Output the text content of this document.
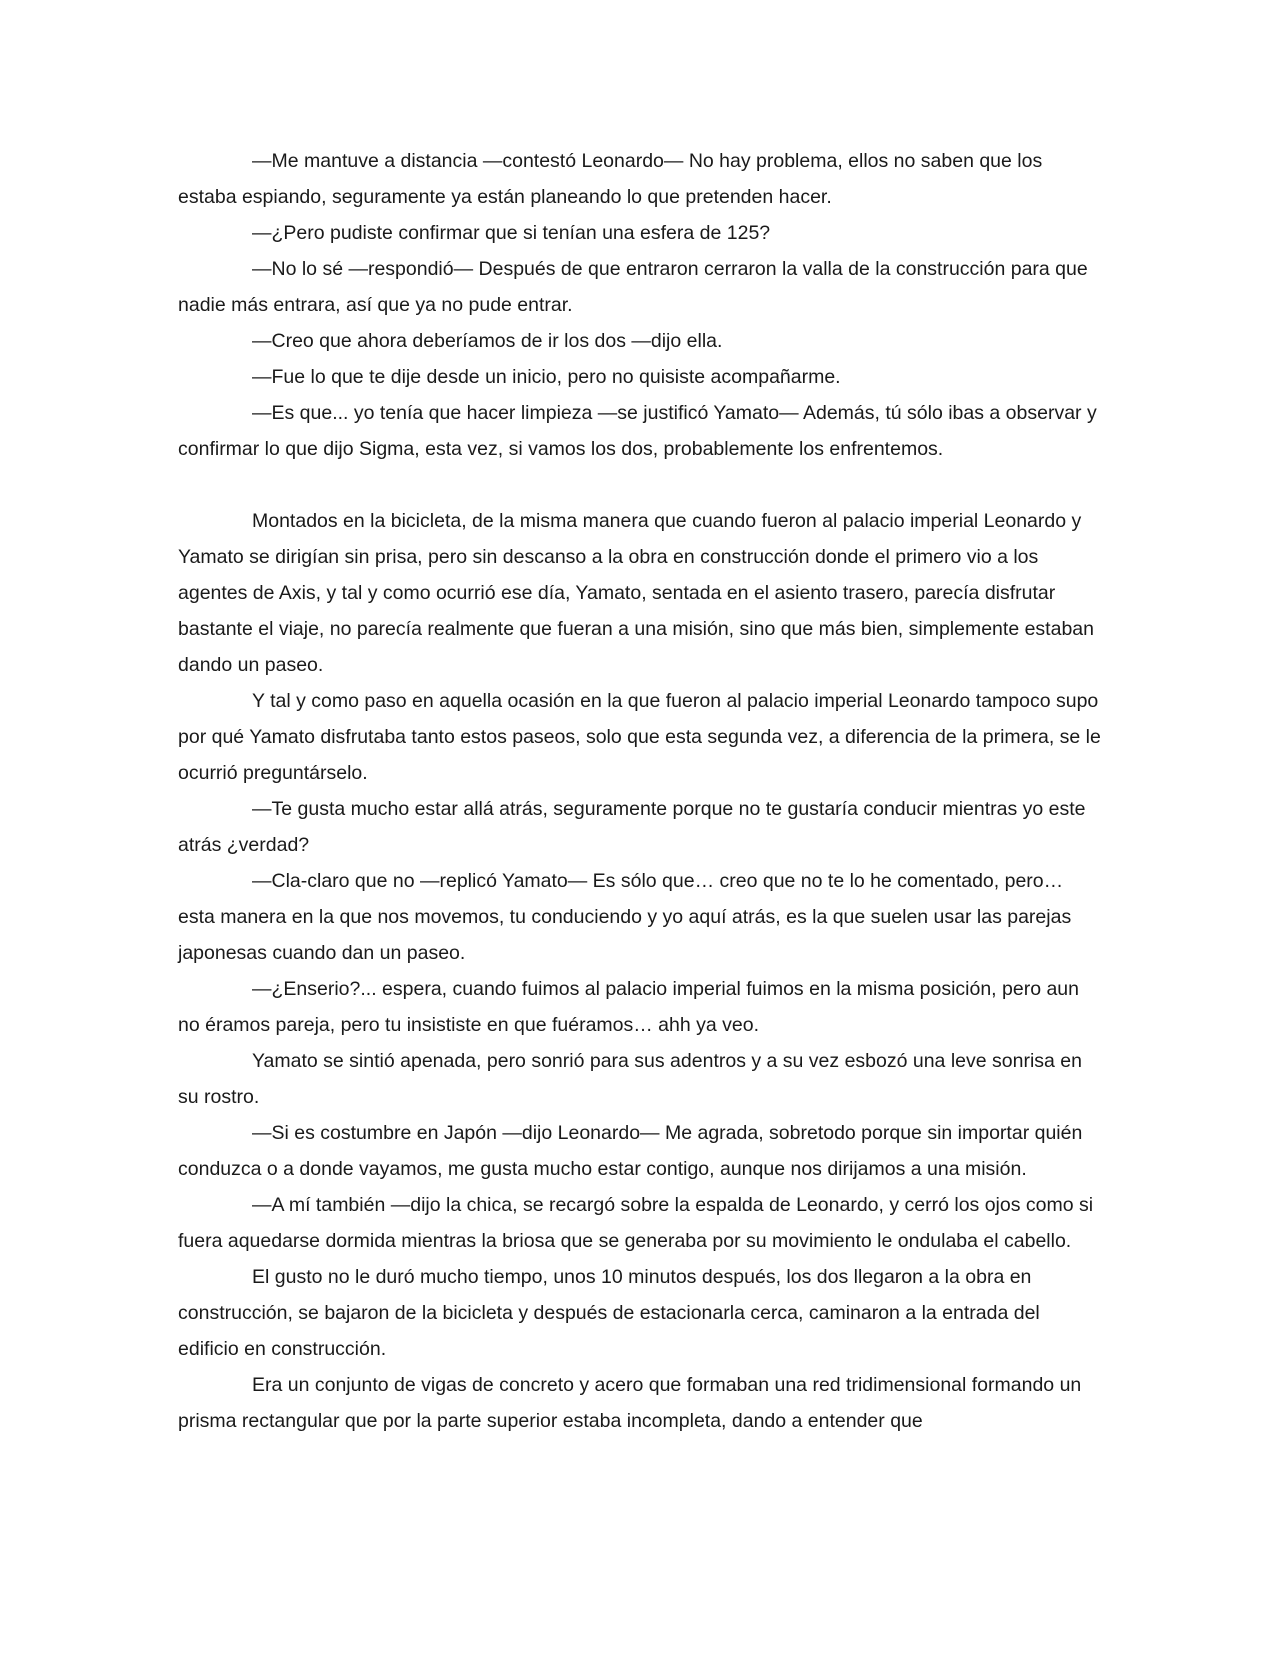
―Me mantuve a distancia ―contestó Leonardo― No hay problema, ellos no saben que los estaba espiando, seguramente ya están planeando lo que pretenden hacer.

―¿Pero pudiste confirmar que si tenían una esfera de 125?

―No lo sé ―respondió― Después de que entraron cerraron la valla de la construcción para que nadie más entrara, así que ya no pude entrar.

―Creo que ahora deberíamos de ir los dos ―dijo ella.

―Fue lo que te dije desde un inicio, pero no quisiste acompañarme.

―Es que... yo tenía que hacer limpieza ―se justificó Yamato― Además, tú sólo ibas a observar y confirmar lo que dijo Sigma, esta vez, si vamos los dos, probablemente los enfrentemos.

Montados en la bicicleta, de la misma manera que cuando fueron al palacio imperial Leonardo y Yamato se dirigían sin prisa, pero sin descanso a la obra en construcción donde el primero vio a los agentes de Axis, y tal y como ocurrió ese día, Yamato, sentada en el asiento trasero, parecía disfrutar bastante el viaje, no parecía realmente que fueran a una misión, sino que más bien, simplemente estaban dando un paseo.

Y tal y como paso en aquella ocasión en la que fueron al palacio imperial Leonardo tampoco supo por qué Yamato disfrutaba tanto estos paseos, solo que esta segunda vez, a diferencia de la primera, se le ocurrió preguntárselo.

―Te gusta mucho estar allá atrás, seguramente porque no te gustaría conducir mientras yo este atrás ¿verdad?

―Cla-claro que no ―replicó Yamato― Es sólo que… creo que no te lo he comentado, pero… esta manera en la que nos movemos, tu conduciendo y yo aquí atrás, es la que suelen usar las parejas japonesas cuando dan un paseo.

―¿Enserio?... espera, cuando fuimos al palacio imperial fuimos en la misma posición, pero aun no éramos pareja, pero tu insististe en que fuéramos… ahh ya veo.

Yamato se sintió apenada, pero sonrió para sus adentros y a su vez esbozó una leve sonrisa en su rostro.

―Si es costumbre en Japón ―dijo Leonardo― Me agrada, sobretodo porque sin importar quién conduzca o a donde vayamos, me gusta mucho estar contigo, aunque nos dirijamos a una misión.

―A mí también ―dijo la chica, se recargó sobre la espalda de Leonardo, y cerró los ojos como si fuera aquedarse dormida mientras la briosa que se generaba por su movimiento le ondulaba el cabello.

El gusto no le duró mucho tiempo, unos 10 minutos después, los dos llegaron a la obra en construcción, se bajaron de la bicicleta y después de estacionarla cerca, caminaron a la entrada del edificio en construcción.

Era un conjunto de vigas de concreto y acero que formaban una red tridimensional formando un prisma rectangular que por la parte superior estaba incompleta, dando a entender que
